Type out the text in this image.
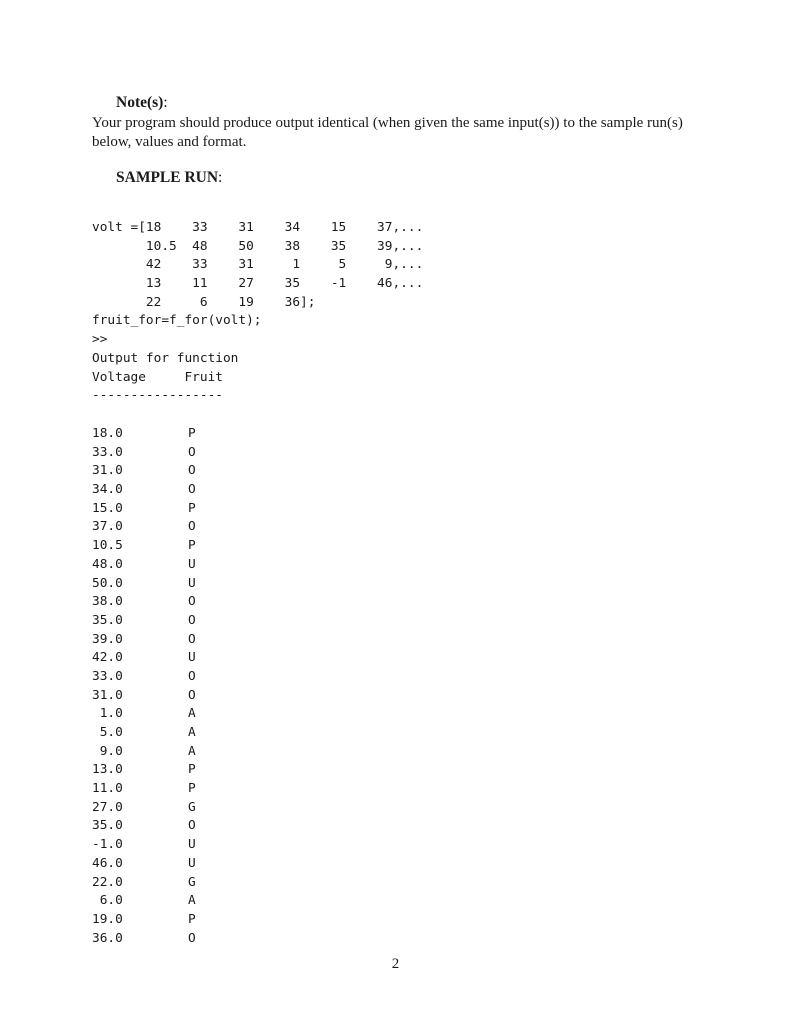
Note(s):
Your program should produce output identical (when given the same input(s)) to the sample run(s) below, values and format.
SAMPLE RUN:
volt =[18    33    31    34    15    37,...
10.5  48    50    38    35    39,...
42    33    31     1     5     9,...
13    11    27    35    -1    46,...
22     6    19    36];
fruit_for=f_for(volt);
>>
Output for function
Voltage     Fruit
-----------------
18.0	P
33.0	O
31.0	O
34.0	O
15.0	P
37.0	O
10.5	P
48.0	U
50.0	U
38.0	O
35.0	O
39.0	O
42.0	U
33.0	O
31.0	O
1.0	A
5.0	A
9.0	A
13.0	P
11.0	P
27.0	G
35.0	O
-1.0	U
46.0	U
22.0	G
6.0	A
19.0	P
36.0	O
2
